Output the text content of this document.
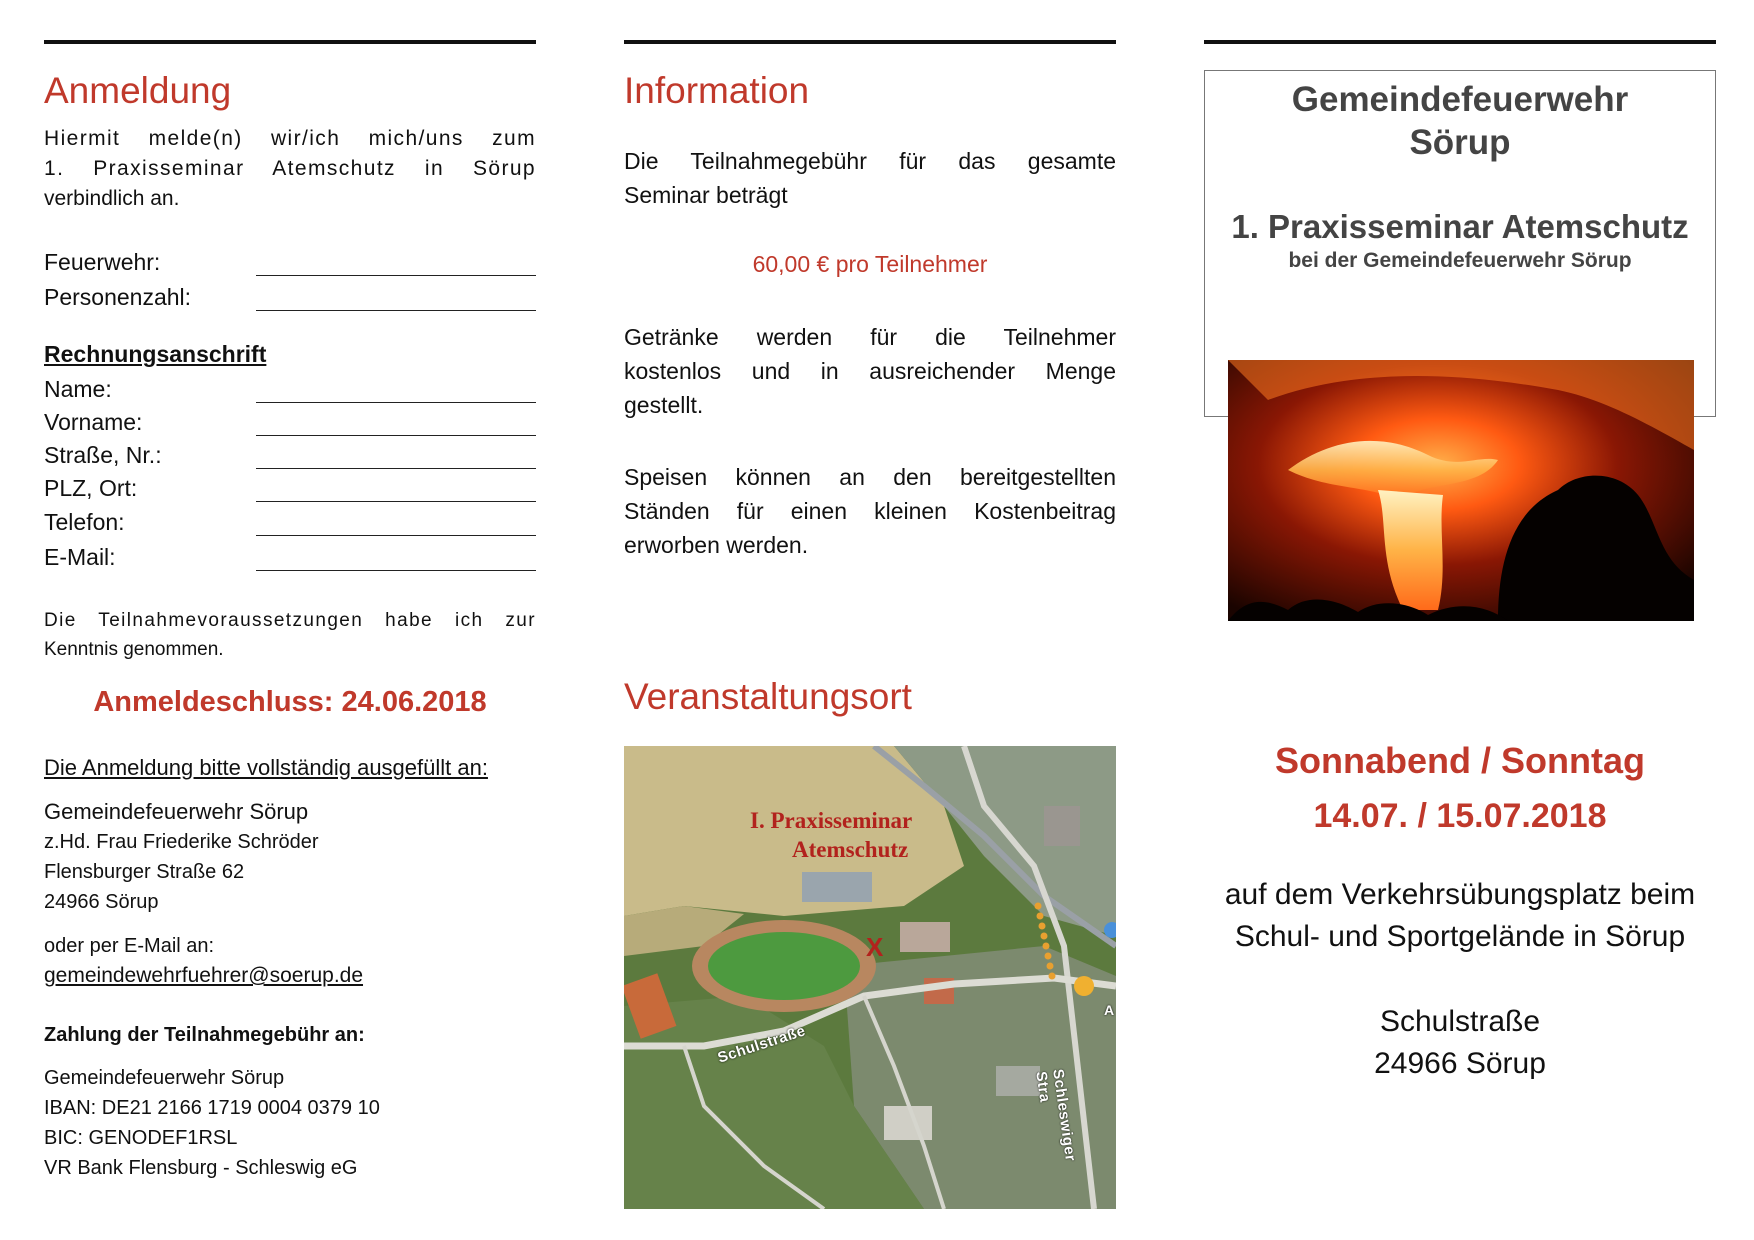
Anmeldung
Hiermit melde(n) wir/ich mich/uns zum
1. Praxisseminar Atemschutz in Sörup
verbindlich an.
Feuerwehr:
Personenzahl:
Rechnungsanschrift
Name:
Vorname:
Straße, Nr.:
PLZ, Ort:
Telefon:
E-Mail:
Die Teilnahmevoraussetzungen habe ich zur
Kenntnis genommen.
Anmeldeschluss: 24.06.2018
Die Anmeldung bitte vollständig ausgefüllt an:
Gemeindefeuerwehr Sörup
z.Hd. Frau Friederike Schröder
Flensburger Straße 62
24966 Sörup
oder per E-Mail an:
gemeindewehrfuehrer@soerup.de
Zahlung der Teilnahmegebühr an:
Gemeindefeuerwehr Sörup
IBAN: DE21 2166 1719 0004 0379 10
BIC: GENODEF1RSL
VR Bank Flensburg - Schleswig eG
Information
Die Teilnahmegebühr für das gesamte
Seminar beträgt
60,00 € pro Teilnehmer
Getränke werden für die Teilnehmer
kostenlos und in ausreichender Menge
gestellt.
Speisen können an den bereitgestellten
Ständen für einen kleinen Kostenbeitrag
erworben werden.
Veranstaltungsort
I. Praxisseminar
Atemschutz
X
Schulstraße
Schleswiger Stra
A
Gemeindefeuerwehr
Sörup
1. Praxisseminar Atemschutz
bei der Gemeindefeuerwehr Sörup
Sonnabend / Sonntag
14.07. / 15.07.2018
auf dem Verkehrsübungsplatz beim
Schul- und Sportgelände in Sörup
Schulstraße
24966 Sörup
